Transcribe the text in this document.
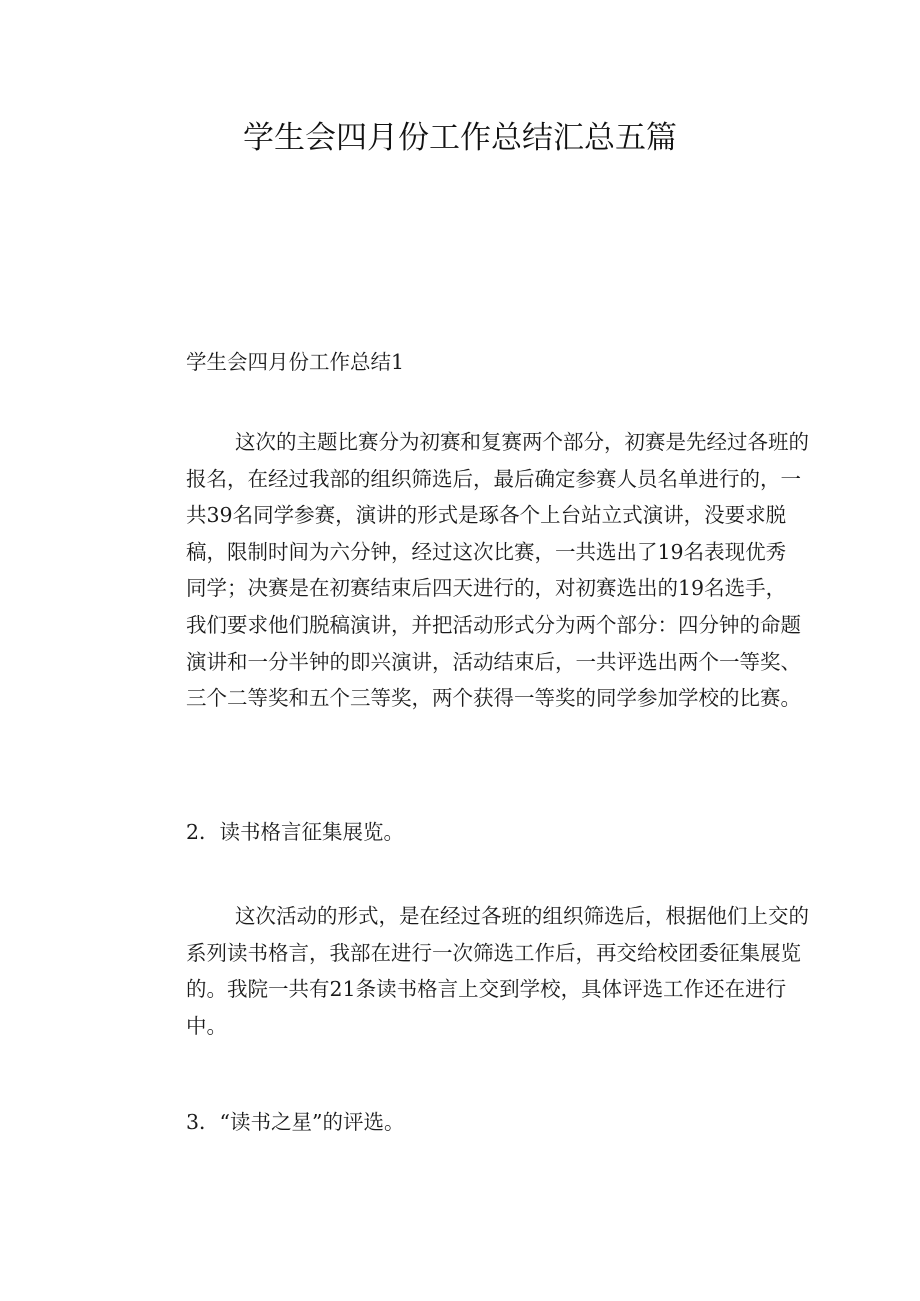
学生会四月份工作总结汇总五篇

学生会四月份工作总结1

这次的主题比赛分为初赛和复赛两个部分，初赛是先经过各班的
报名，在经过我部的组织筛选后，最后确定参赛人员名单进行的，一
共39名同学参赛，演讲的形式是琢各个上台站立式演讲，没要求脱
稿，限制时间为六分钟，经过这次比赛，一共选出了19名表现优秀
同学；决赛是在初赛结束后四天进行的，对初赛选出的19名选手，
我们要求他们脱稿演讲，并把活动形式分为两个部分：四分钟的命题
演讲和一分半钟的即兴演讲，活动结束后，一共评选出两个一等奖、
三个二等奖和五个三等奖，两个获得一等奖的同学参加学校的比赛。

2．读书格言征集展览。

这次活动的形式，是在经过各班的组织筛选后，根据他们上交的
系列读书格言，我部在进行一次筛选工作后，再交给校团委征集展览
的。我院一共有21条读书格言上交到学校，具体评选工作还在进行
中。

3．“读书之星”的评选。
